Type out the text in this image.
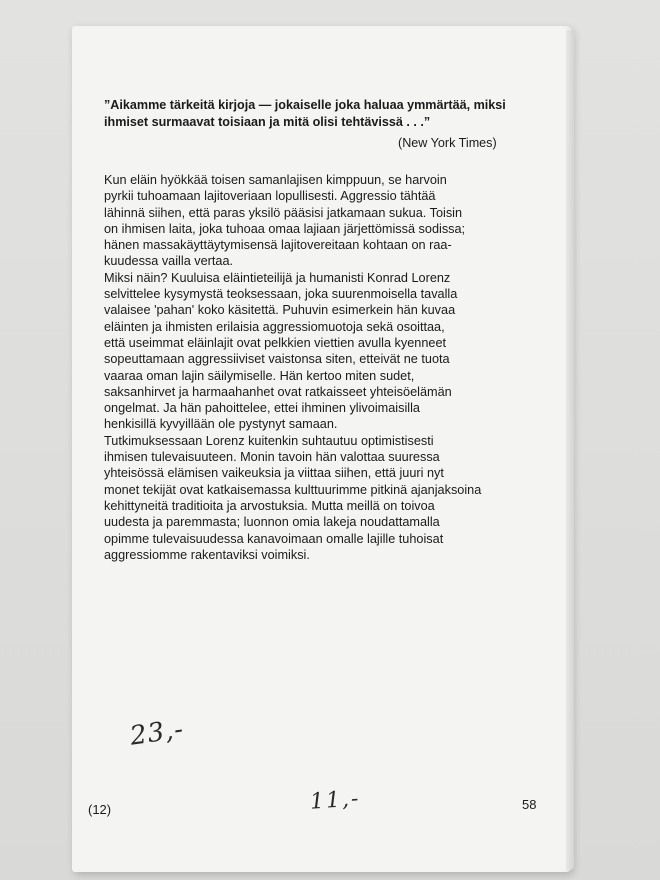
”Aikamme tärkeitä kirjoja — jokaiselle joka haluaa ymmärtää, miksi
ihmiset surmaavat toisiaan ja mitä olisi tehtävissä . . .”

(New York Times)

Kun eläin hyökkää toisen samanlajisen kimppuun, se harvoin
pyrkii tuhoamaan lajitoveriaan lopullisesti. Aggressio tähtää
lähinnä siihen, että paras yksilö pääsisi jatkamaan sukua. Toisin
on ihmisen laita, joka tuhoaa omaa lajiaan järjettömissä sodissa;
hänen massakäyttäytymisensä lajitovereitaan kohtaan on raa-
kuudessa vailla vertaa.
Miksi näin? Kuuluisa eläintieteilijä ja humanisti Konrad Lorenz
selvittelee kysymystä teoksessaan, joka suurenmoisella tavalla
valaisee 'pahan' koko käsitettä. Puhuvin esimerkein hän kuvaa
eläinten ja ihmisten erilaisia aggressiomuotoja sekä osoittaa,
että useimmat eläinlajit ovat pelkkien viettien avulla kyenneet
sopeuttamaan aggressiiviset vaistonsa siten, etteivät ne tuota
vaaraa oman lajin säilymiselle. Hän kertoo miten sudet,
saksanhirvet ja harmaahanhet ovat ratkaisseet yhteisöelämän
ongelmat. Ja hän pahoittelee, ettei ihminen ylivoimaisilla
henkisillä kyvyillään ole pystynyt samaan.
Tutkimuksessaan Lorenz kuitenkin suhtautuu optimistisesti
ihmisen tulevaisuuteen. Monin tavoin hän valottaa suuressa
yhteisössä elämisen vaikeuksia ja viittaa siihen, että juuri nyt
monet tekijät ovat katkaisemassa kulttuurimme pitkinä ajanjaksoina
kehittyneitä traditioita ja arvostuksia. Mutta meillä on toivoa
uudesta ja paremmasta; luonnon omia lakeja noudattamalla
opimme tulevaisuudessa kanavoimaan omalle lajille tuhoisat
aggressiomme rakentaviksi voimiksi.
23,-
11,-
(12)	58
